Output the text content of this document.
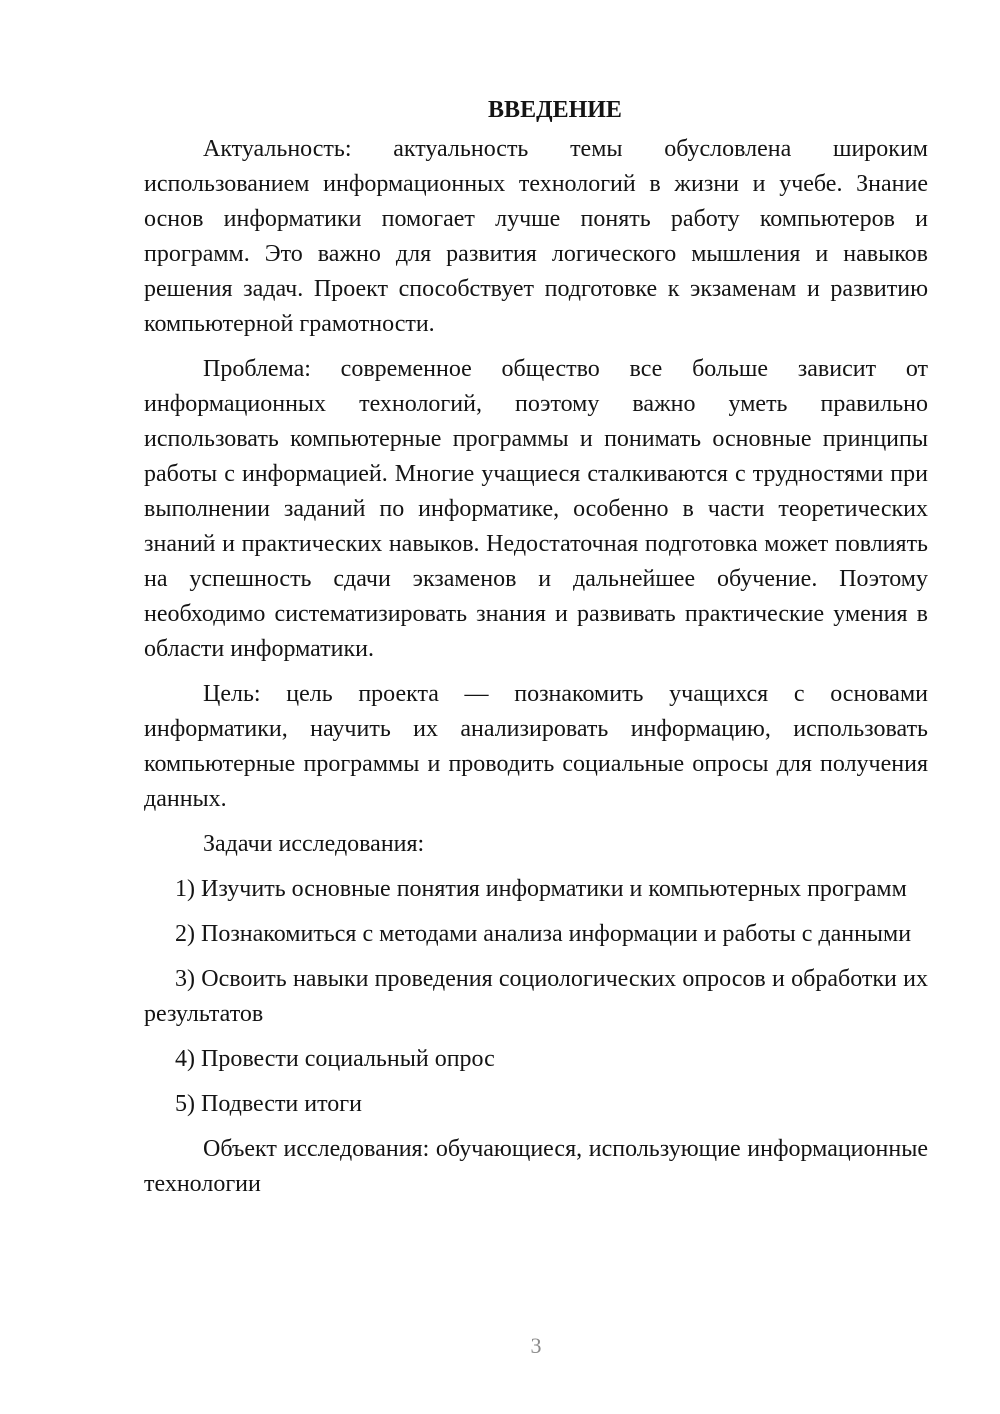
ВВЕДЕНИЕ

Актуальность: актуальность темы обусловлена широким использованием информационных технологий в жизни и учебе. Знание основ информатики помогает лучше понять работу компьютеров и программ. Это важно для развития логического мышления и навыков решения задач. Проект способствует подготовке к экзаменам и развитию компьютерной грамотности.

Проблема: современное общество все больше зависит от информационных технологий, поэтому важно уметь правильно использовать компьютерные программы и понимать основные принципы работы с информацией. Многие учащиеся сталкиваются с трудностями при выполнении заданий по информатике, особенно в части теоретических знаний и практических навыков. Недостаточная подготовка может повлиять на успешность сдачи экзаменов и дальнейшее обучение. Поэтому необходимо систематизировать знания и развивать практические умения в области информатики.

Цель: цель проекта — познакомить учащихся с основами информатики, научить их анализировать информацию, использовать компьютерные программы и проводить социальные опросы для получения данных.

Задачи исследования:

1) Изучить основные понятия информатики и компьютерных программ

2) Познакомиться с методами анализа информации и работы с данными

3) Освоить навыки проведения социологических опросов и обработки их результатов

4) Провести социальный опрос

5) Подвести итоги

Объект исследования: обучающиеся, использующие информационные технологии

3
